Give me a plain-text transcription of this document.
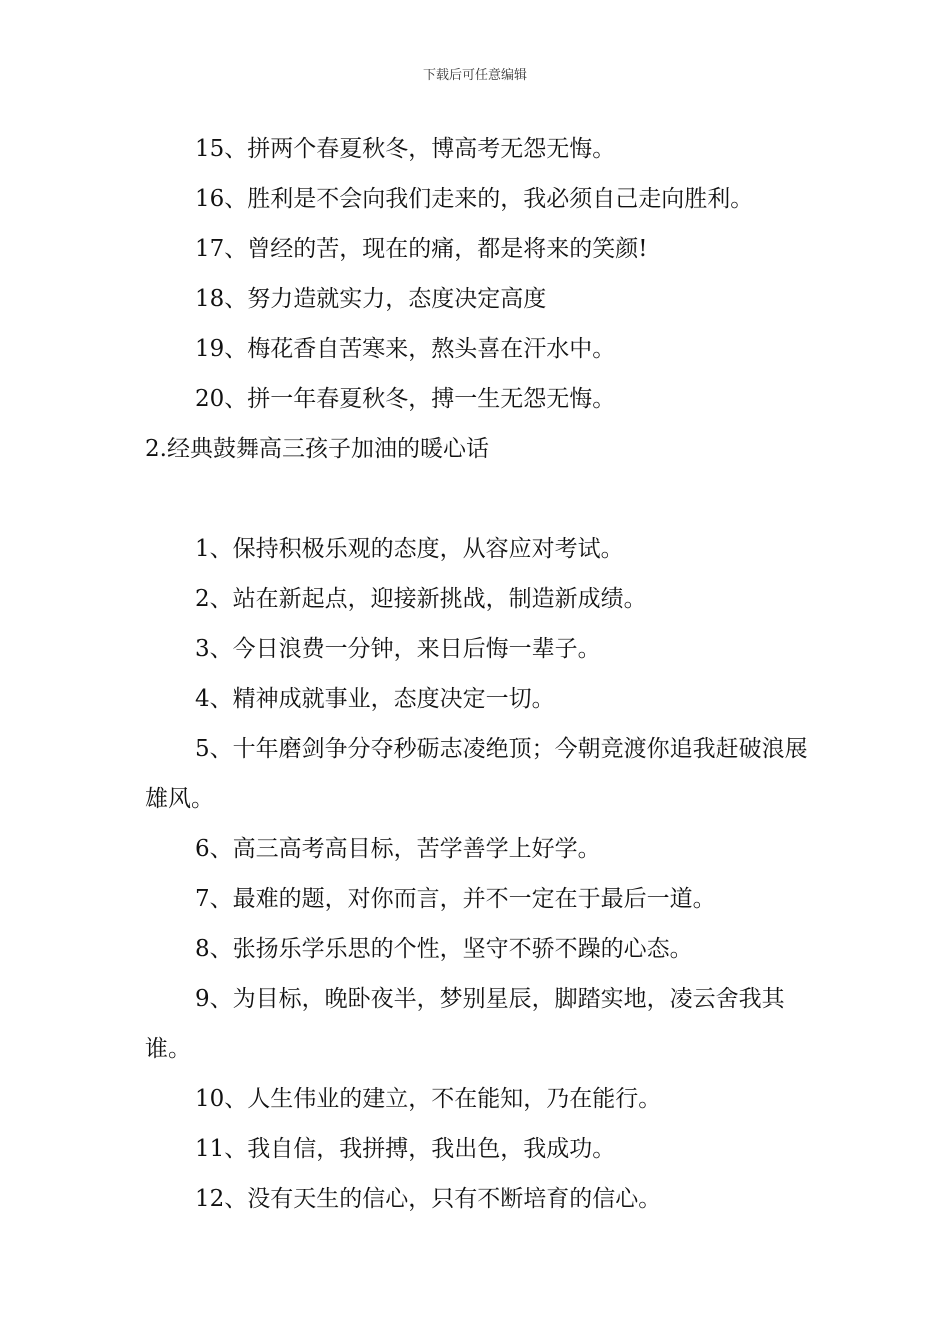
下载后可任意编辑

15、拼两个春夏秋冬，博高考无怨无悔。

16、胜利是不会向我们走来的，我必须自己走向胜利。

17、曾经的苦，现在的痛，都是将来的笑颜!

18、努力造就实力，态度决定高度

19、梅花香自苦寒来，熬头喜在汗水中。

20、拼一年春夏秋冬，搏一生无怨无悔。

2.经典鼓舞高三孩子加油的暖心话

1、保持积极乐观的态度，从容应对考试。

2、站在新起点，迎接新挑战，制造新成绩。

3、今日浪费一分钟，来日后悔一辈子。

4、精神成就事业，态度决定一切。

5、十年磨剑争分夺秒砺志凌绝顶；今朝竞渡你追我赶破浪展雄风。

6、高三高考高目标，苦学善学上好学。

7、最难的题，对你而言，并不一定在于最后一道。

8、张扬乐学乐思的个性，坚守不骄不躁的心态。

9、为目标，晚卧夜半，梦别星辰，脚踏实地，凌云舍我其谁。

10、人生伟业的建立，不在能知，乃在能行。

11、我自信，我拼搏，我出色，我成功。

12、没有天生的信心，只有不断培育的信心。
